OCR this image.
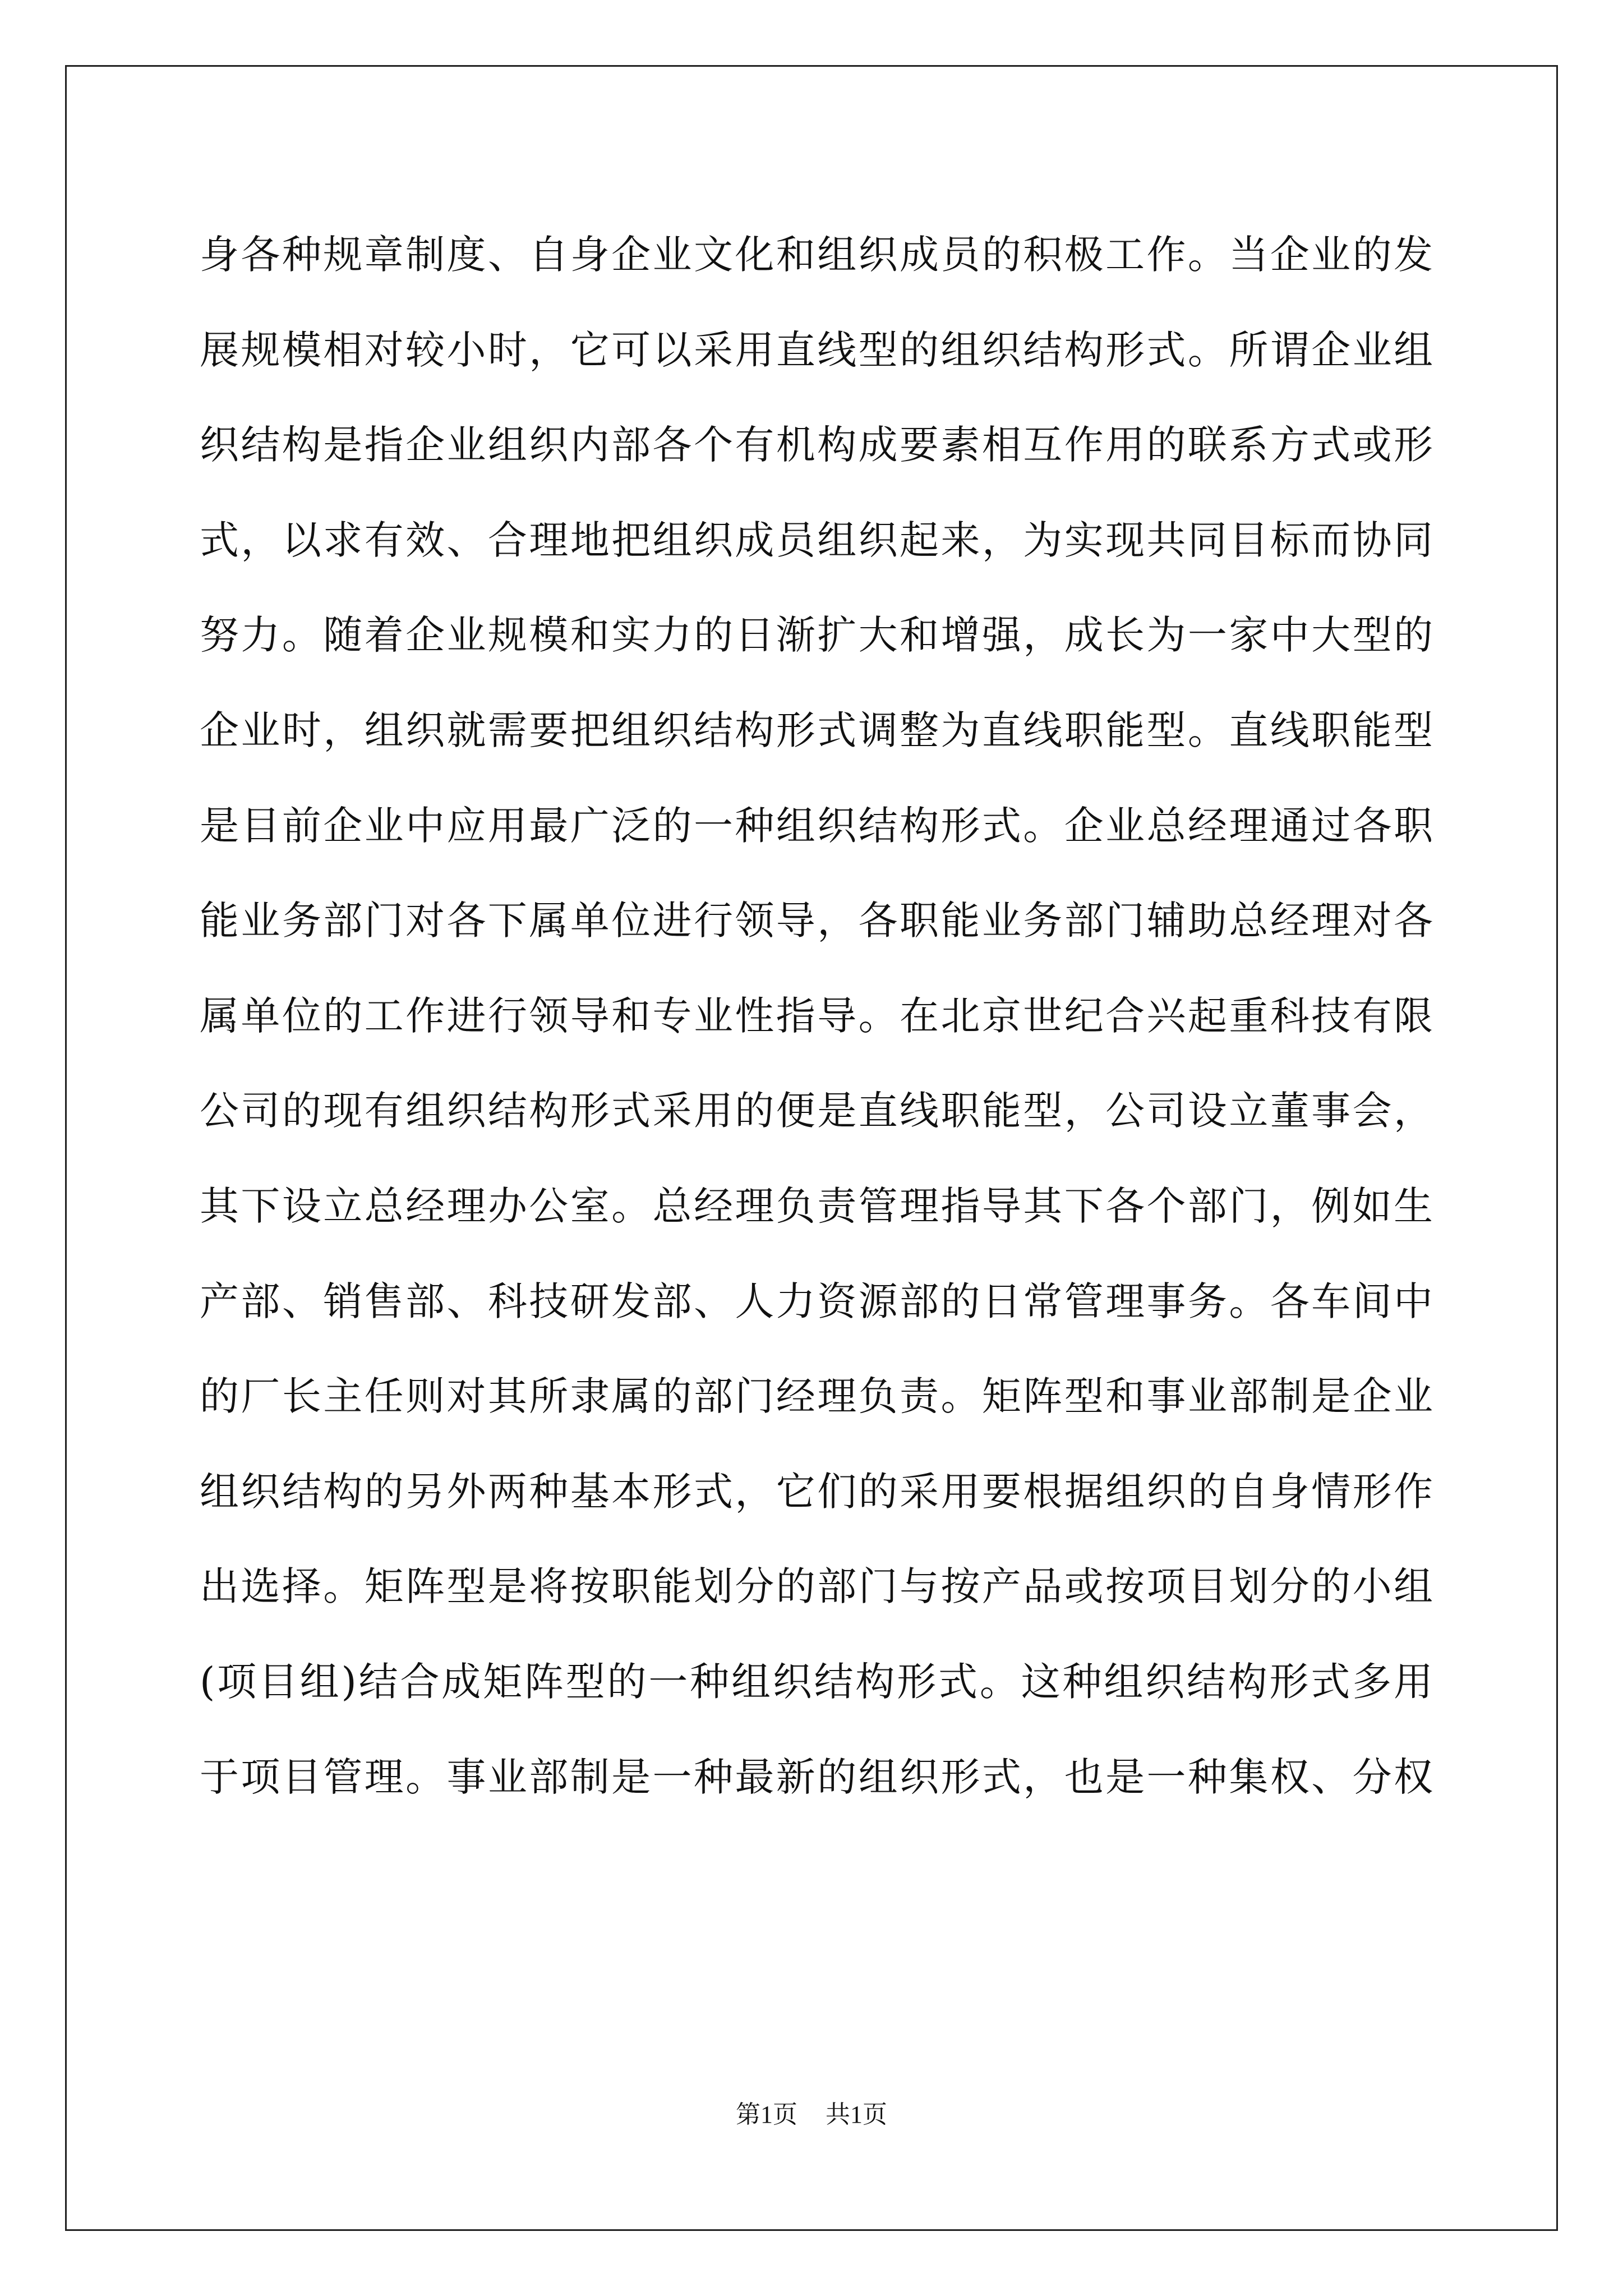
身各种规章制度、自身企业文化和组织成员的积极工作。当企业的发
展规模相对较小时，它可以采用直线型的组织结构形式。所谓企业组
织结构是指企业组织内部各个有机构成要素相互作用的联系方式或形
式，以求有效、合理地把组织成员组织起来，为实现共同目标而协同
努力。随着企业规模和实力的日渐扩大和增强，成长为一家中大型的
企业时，组织就需要把组织结构形式调整为直线职能型。直线职能型
是目前企业中应用最广泛的一种组织结构形式。企业总经理通过各职
能业务部门对各下属单位进行领导，各职能业务部门辅助总经理对各
属单位的工作进行领导和专业性指导。在北京世纪合兴起重科技有限
公司的现有组织结构形式采用的便是直线职能型，公司设立董事会，
其下设立总经理办公室。总经理负责管理指导其下各个部门，例如生
产部、销售部、科技研发部、人力资源部的日常管理事务。各车间中
的厂长主任则对其所隶属的部门经理负责。矩阵型和事业部制是企业
组织结构的另外两种基本形式，它们的采用要根据组织的自身情形作
出选择。矩阵型是将按职能划分的部门与按产品或按项目划分的小组
(项目组)结合成矩阵型的一种组织结构形式。这种组织结构形式多用
于项目管理。事业部制是一种最新的组织形式，也是一种集权、分权
第1页 共1页
